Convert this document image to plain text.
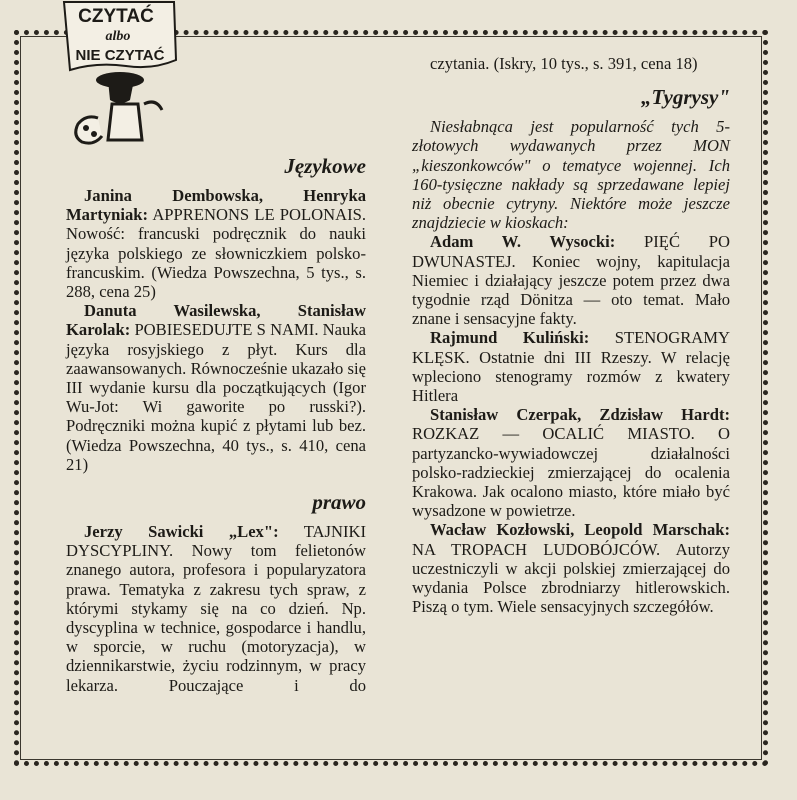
CZYTAĆ
albo
NIE CZYTAĆ
Językowe

Janina Dembowska, Henryka Martyniak: APPRENONS LE POLONAIS. Nowość: francuski podręcznik do nauki języka polskiego ze słowniczkiem polsko-francuskim. (Wiedza Powszechna, 5 tys., s. 288, cena 25)

Danuta Wasilewska, Stanisław Karolak: POBIESEDUJTE S NAMI. Nauka języka rosyjskiego z płyt. Kurs dla zaawansowanych. Równocześnie ukazało się III wydanie kursu dla początkujących (Igor Wu-Jot: Wi gaworite po russki?). Podręczniki można kupić z płytami lub bez. (Wiedza Powszechna, 40 tys., s. 410, cena 21)

prawo

Jerzy Sawicki „Lex": TAJNIKI DYSCYPLINY. Nowy tom felietonów znanego autora, profesora i popularyzatora prawa. Tematyka z zakresu tych spraw, z którymi stykamy się na co dzień. Np. dyscyplina w technice, gospodarce i handlu, w sporcie, w ruchu (motoryzacja), w dziennikarstwie, życiu rodzinnym, w pracy lekarza. Pouczające i do

czytania. (Iskry, 10 tys., s. 391, cena 18)

„Tygrysy"

Niesłabnąca jest popularność tych 5-złotowych wydawanych przez MON „kieszonkowców" o tematyce wojennej. Ich 160-tysięczne nakłady są sprzedawane lepiej niż obecnie cytryny. Niektóre może jeszcze znajdziecie w kioskach:

Adam W. Wysocki: PIĘĆ PO DWUNASTEJ. Koniec wojny, kapitulacja Niemiec i działający jeszcze potem przez dwa tygodnie rząd Dönitza — oto temat. Mało znane i sensacyjne fakty.

Rajmund Kuliński: STENOGRAMY KLĘSK. Ostatnie dni III Rzeszy. W relację wpleciono stenogramy rozmów z kwatery Hitlera

Stanisław Czerpak, Zdzisław Hardt: ROZKAZ — OCALIĆ MIASTO. O partyzancko-wywiadowczej działalności polsko-radzieckiej zmierzającej do ocalenia Krakowa. Jak ocalono miasto, które miało być wysadzone w powietrze.

Wacław Kozłowski, Leopold Marschak: NA TROPACH LUDOBÓJCÓW. Autorzy uczestniczyli w akcji polskiej zmierzającej do wydania Polsce zbrodniarzy hitlerowskich. Piszą o tym. Wiele sensacyjnych szczegółów.
